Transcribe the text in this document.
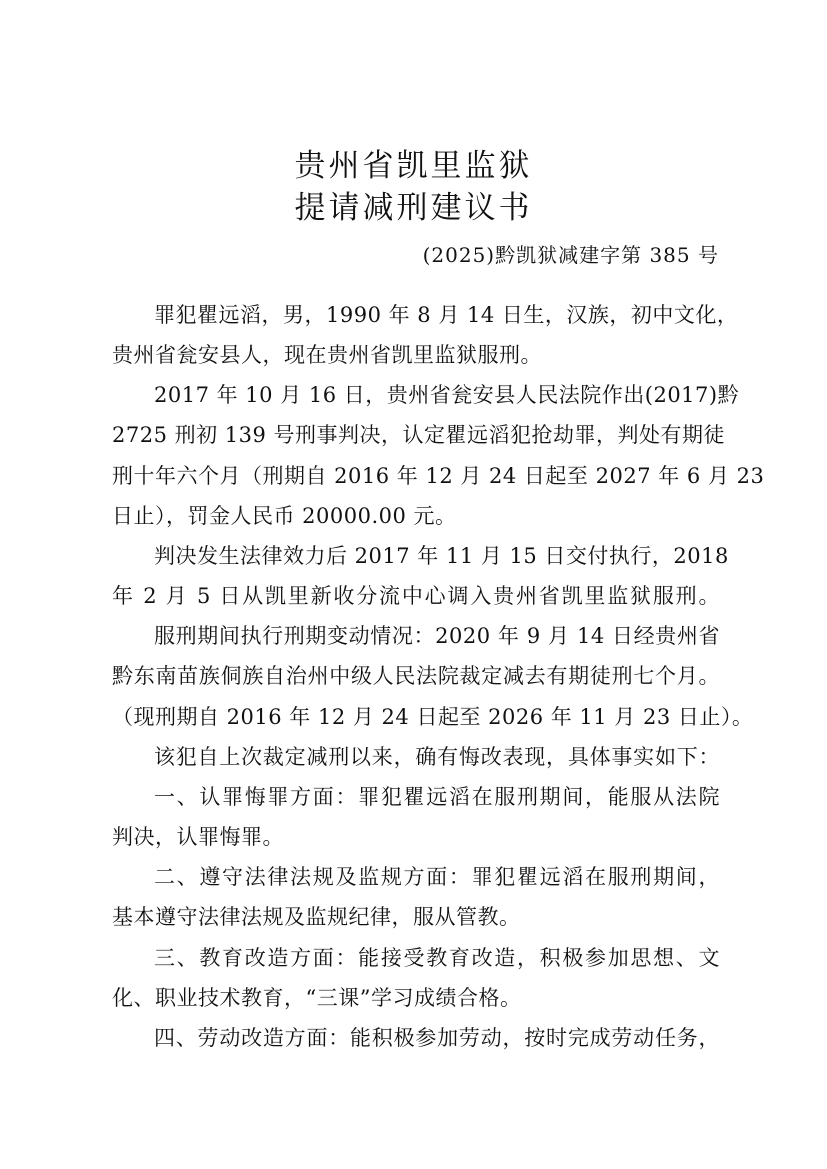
贵州省凯里监狱
提请减刑建议书
(2025)黔凯狱减建字第 385 号
罪犯瞿远滔，男，1990 年 8 月 14 日生，汉族，初中文化，
贵州省瓮安县人，现在贵州省凯里监狱服刑。
2017 年 10 月 16 日，贵州省瓮安县人民法院作出(2017)黔
2725 刑初 139 号刑事判决，认定瞿远滔犯抢劫罪，判处有期徒
刑十年六个月（刑期自 2016 年 12 月 24 日起至 2027 年 6 月 23
日止），罚金人民币 20000.00 元。
判决发生法律效力后 2017 年 11 月 15 日交付执行，2018
年 2 月 5 日从凯里新收分流中心调入贵州省凯里监狱服刑。
服刑期间执行刑期变动情况：2020 年 9 月 14 日经贵州省
黔东南苗族侗族自治州中级人民法院裁定减去有期徒刑七个月。
（现刑期自 2016 年 12 月 24 日起至 2026 年 11 月 23 日止）。
该犯自上次裁定减刑以来，确有悔改表现，具体事实如下：
一、认罪悔罪方面：罪犯瞿远滔在服刑期间，能服从法院
判决，认罪悔罪。
二、遵守法律法规及监规方面：罪犯瞿远滔在服刑期间，
基本遵守法律法规及监规纪律，服从管教。
三、教育改造方面：能接受教育改造，积极参加思想、文
化、职业技术教育，“三课”学习成绩合格。
四、劳动改造方面：能积极参加劳动，按时完成劳动任务，
